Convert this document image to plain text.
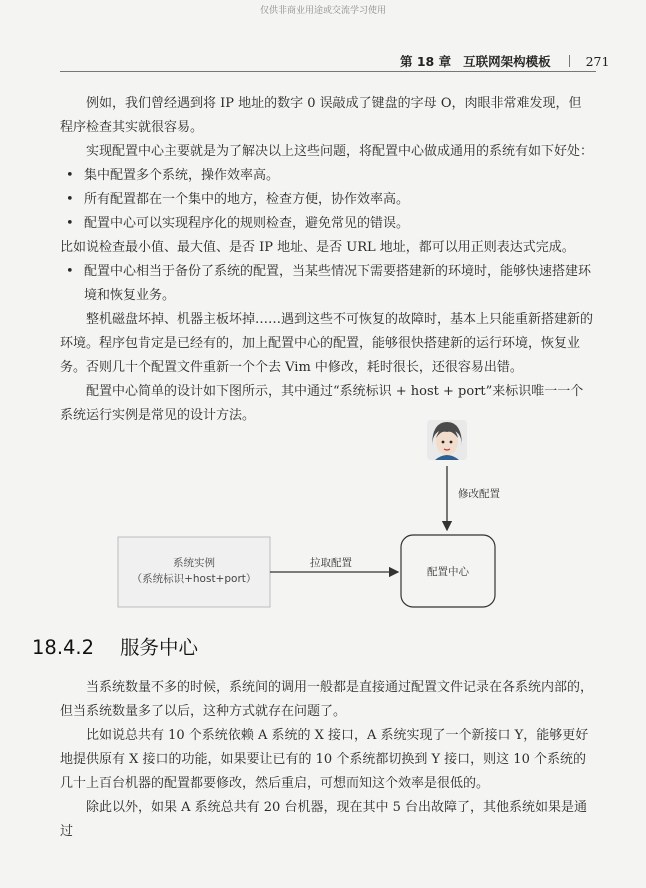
仅供非商业用途或交流学习使用
第 18 章 互联网架构模板	271

例如，我们曾经遇到将 IP 地址的数字 0 误敲成了键盘的字母 O，肉眼非常难发现，但程序检查其实就很容易。

实现配置中心主要就是为了解决以上这些问题，将配置中心做成通用的系统有如下好处：

• 集中配置多个系统，操作效率高。

• 所有配置都在一个集中的地方，检查方便，协作效率高。

• 配置中心可以实现程序化的规则检查，避免常见的错误。

比如说检查最小值、最大值、是否 IP 地址、是否 URL 地址，都可以用正则表达式完成。

• 配置中心相当于备份了系统的配置，当某些情况下需要搭建新的环境时，能够快速搭建环境和恢复业务。

整机磁盘坏掉、机器主板坏掉……遇到这些不可恢复的故障时，基本上只能重新搭建新的环境。程序包肯定是已经有的，加上配置中心的配置，能够很快搭建新的运行环境，恢复业务。否则几十个配置文件重新一个个去 Vim 中修改，耗时很长，还很容易出错。

配置中心简单的设计如下图所示，其中通过“系统标识 + host + port”来标识唯一一个系统运行实例是常见的设计方法。

修改配置
系统实例
（系统标识+host+port）
拉取配置
配置中心
18.4.2 服务中心

当系统数量不多的时候，系统间的调用一般都是直接通过配置文件记录在各系统内部的，但当系统数量多了以后，这种方式就存在问题了。

比如说总共有 10 个系统依赖 A 系统的 X 接口，A 系统实现了一个新接口 Y，能够更好地提供原有 X 接口的功能，如果要让已有的 10 个系统都切换到 Y 接口，则这 10 个系统的几十上百台机器的配置都要修改，然后重启，可想而知这个效率是很低的。

除此以外，如果 A 系统总共有 20 台机器，现在其中 5 台出故障了，其他系统如果是通过
